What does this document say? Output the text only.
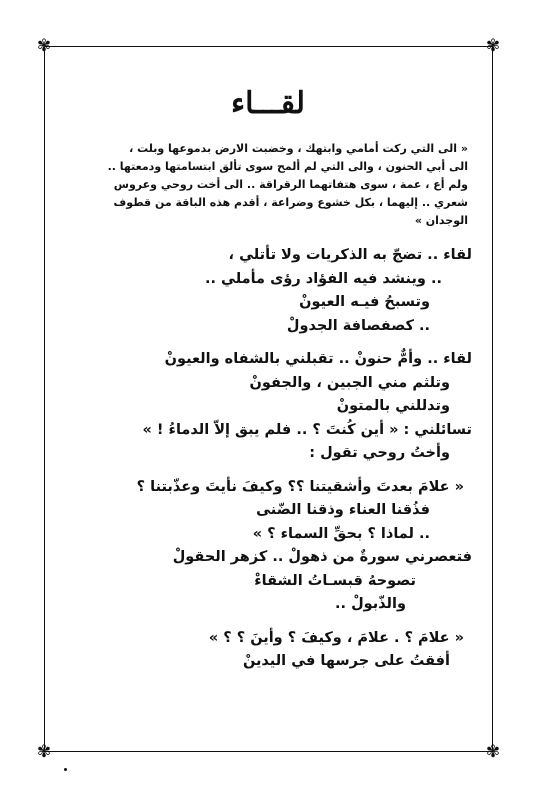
✾	✾
✾	✾
لقـــاء
« الى التي ركت أمامي وابتهك ، وخضبت الارض بدموعها وبلت ،
الى أبي الحنون ، والى التي لم ألمح سوى تألق ابتسامتها ودمعتها ..
ولم أع ، عمة ، سوى هتفاتهما الرقراقة .. الى أخت روحي وعروس
شعري .. إليهما ، بكل خشوع وضراعة ، أقدم هذه الباقة من قطوف
الوجدان »
لقاء .. تضجّ به الذكريات ولا تأتلي ،
.. وينشد فيه الفؤاد رؤى مأملي ..
وتسبحُ فيـه العيونْ
.. كصفصافة الجدولْ
لقاء .. وأمٌّ حنونْ .. تقبلني بالشفاه والعيونْ
وتلثم مني الجبين ، والجفونْ
وتدللني بالمتونْ
تسائلني : « أين كُنتَ ؟ .. فلم يبق إلاّ الدماءُ ! »
وأختُ روحي تقول :
« علامَ بعدتَ وأشقيتنا ؟؟ وكيفَ نأيتَ وعذّبتنا ؟
فذُقنا العناء وذقنا الضّنى
.. لماذا ؟ بحقِّ السماء ؟ »
فتعصرني سورةٌ من ذهولْ .. كزهر الحقولْ
تصوحهُ قبسـاتُ الشقاءْ
والذّبولْ ..
« علامَ ؟ . علامَ ، وكيفَ ؟ وأينَ ؟ ؟ »
أفقتُ على جرسها في اليدينْ
